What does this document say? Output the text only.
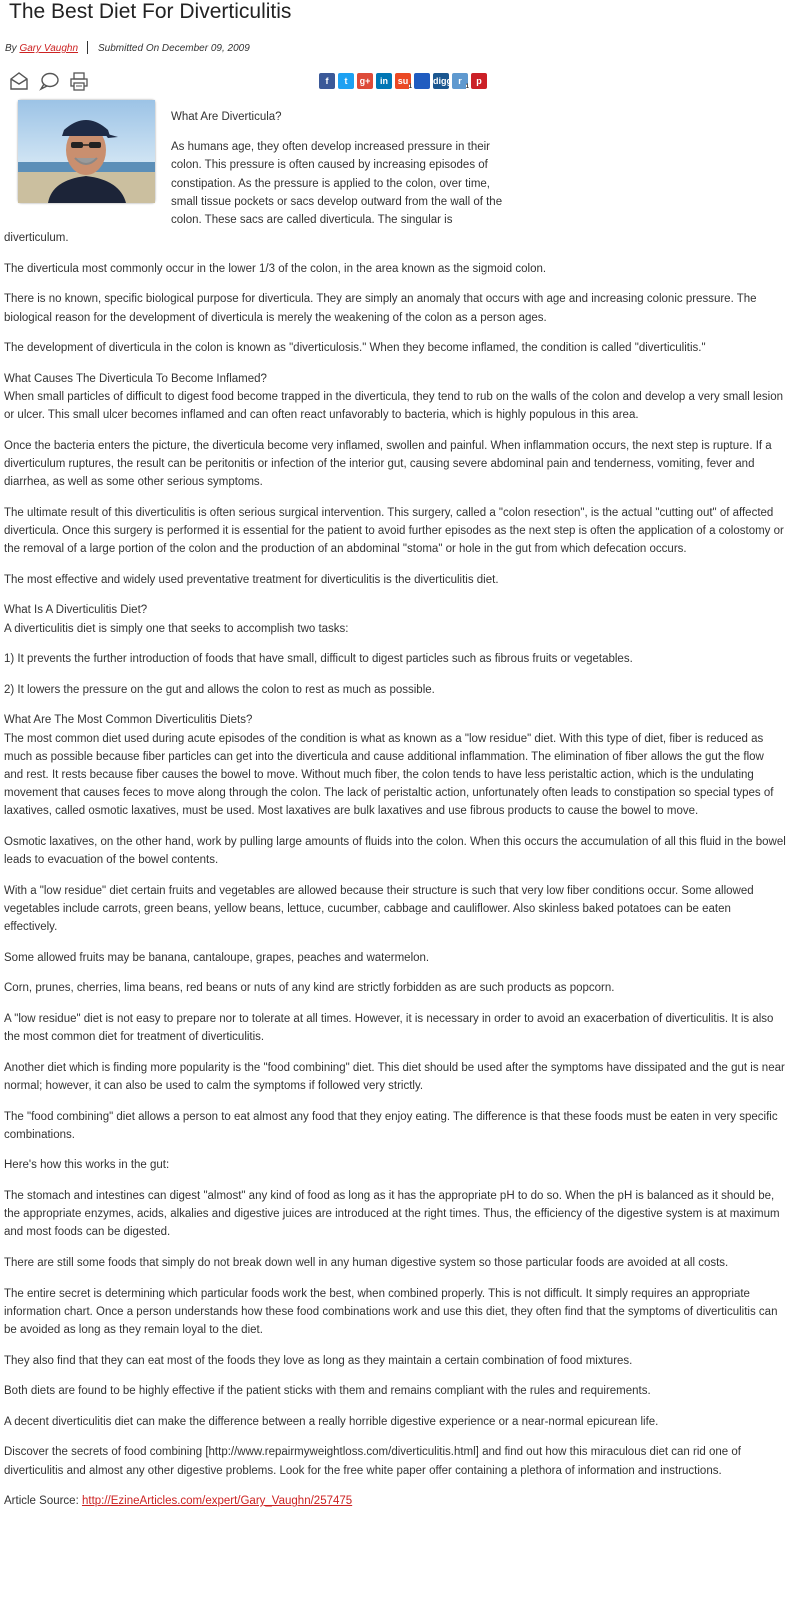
The Best Diet For Diverticulitis
By Gary Vaughn Submitted On December 09, 2009
f	t	g+	in	su
1
digg r
1
p

What Are Diverticula?

As humans age, they often develop increased pressure in their colon. This pressure is often caused by increasing episodes of constipation. As the pressure is applied to the colon, over time, small tissue pockets or sacs develop outward from the wall of the colon. These sacs are called diverticula. The singular is

diverticulum.

The diverticula most commonly occur in the lower 1/3 of the colon, in the area known as the sigmoid colon.

There is no known, specific biological purpose for diverticula. They are simply an anomaly that occurs with age and increasing colonic pressure. The biological reason for the development of diverticula is merely the weakening of the colon as a person ages.

The development of diverticula in the colon is known as "diverticulosis." When they become inflamed, the condition is called "diverticulitis."

What Causes The Diverticula To Become Inflamed?
When small particles of difficult to digest food become trapped in the diverticula, they tend to rub on the walls of the colon and develop a very small lesion or ulcer. This small ulcer becomes inflamed and can often react unfavorably to bacteria, which is highly populous in this area.

Once the bacteria enters the picture, the diverticula become very inflamed, swollen and painful. When inflammation occurs, the next step is rupture. If a diverticulum ruptures, the result can be peritonitis or infection of the interior gut, causing severe abdominal pain and tenderness, vomiting, fever and diarrhea, as well as some other serious symptoms.

The ultimate result of this diverticulitis is often serious surgical intervention. This surgery, called a "colon resection", is the actual "cutting out" of affected diverticula. Once this surgery is performed it is essential for the patient to avoid further episodes as the next step is often the application of a colostomy or the removal of a large portion of the colon and the production of an abdominal "stoma" or hole in the gut from which defecation occurs.

The most effective and widely used preventative treatment for diverticulitis is the diverticulitis diet.

What Is A Diverticulitis Diet?
A diverticulitis diet is simply one that seeks to accomplish two tasks:

1) It prevents the further introduction of foods that have small, difficult to digest particles such as fibrous fruits or vegetables.

2) It lowers the pressure on the gut and allows the colon to rest as much as possible.

What Are The Most Common Diverticulitis Diets?
The most common diet used during acute episodes of the condition is what as known as a "low residue" diet. With this type of diet, fiber is reduced as much as possible because fiber particles can get into the diverticula and cause additional inflammation. The elimination of fiber allows the gut the flow and rest. It rests because fiber causes the bowel to move. Without much fiber, the colon tends to have less peristaltic action, which is the undulating movement that causes feces to move along through the colon. The lack of peristaltic action, unfortunately often leads to constipation so special types of laxatives, called osmotic laxatives, must be used. Most laxatives are bulk laxatives and use fibrous products to cause the bowel to move.

Osmotic laxatives, on the other hand, work by pulling large amounts of fluids into the colon. When this occurs the accumulation of all this fluid in the bowel leads to evacuation of the bowel contents.

With a "low residue" diet certain fruits and vegetables are allowed because their structure is such that very low fiber conditions occur. Some allowed vegetables include carrots, green beans, yellow beans, lettuce, cucumber, cabbage and cauliflower. Also skinless baked potatoes can be eaten effectively.

Some allowed fruits may be banana, cantaloupe, grapes, peaches and watermelon.

Corn, prunes, cherries, lima beans, red beans or nuts of any kind are strictly forbidden as are such products as popcorn.

A "low residue" diet is not easy to prepare nor to tolerate at all times. However, it is necessary in order to avoid an exacerbation of diverticulitis. It is also the most common diet for treatment of diverticulitis.

Another diet which is finding more popularity is the "food combining" diet. This diet should be used after the symptoms have dissipated and the gut is near normal; however, it can also be used to calm the symptoms if followed very strictly.

The "food combining" diet allows a person to eat almost any food that they enjoy eating. The difference is that these foods must be eaten in very specific combinations.

Here's how this works in the gut:

The stomach and intestines can digest "almost" any kind of food as long as it has the appropriate pH to do so. When the pH is balanced as it should be, the appropriate enzymes, acids, alkalies and digestive juices are introduced at the right times. Thus, the efficiency of the digestive system is at maximum and most foods can be digested.

There are still some foods that simply do not break down well in any human digestive system so those particular foods are avoided at all costs.

The entire secret is determining which particular foods work the best, when combined properly. This is not difficult. It simply requires an appropriate information chart. Once a person understands how these food combinations work and use this diet, they often find that the symptoms of diverticulitis can be avoided as long as they remain loyal to the diet.

They also find that they can eat most of the foods they love as long as they maintain a certain combination of food mixtures.

Both diets are found to be highly effective if the patient sticks with them and remains compliant with the rules and requirements.

A decent diverticulitis diet can make the difference between a really horrible digestive experience or a near-normal epicurean life.

Discover the secrets of food combining [http://www.repairmyweightloss.com/diverticulitis.html] and find out how this miraculous diet can rid one of diverticulitis and almost any other digestive problems. Look for the free white paper offer containing a plethora of information and instructions.

Article Source: http://EzineArticles.com/expert/Gary_Vaughn/257475
